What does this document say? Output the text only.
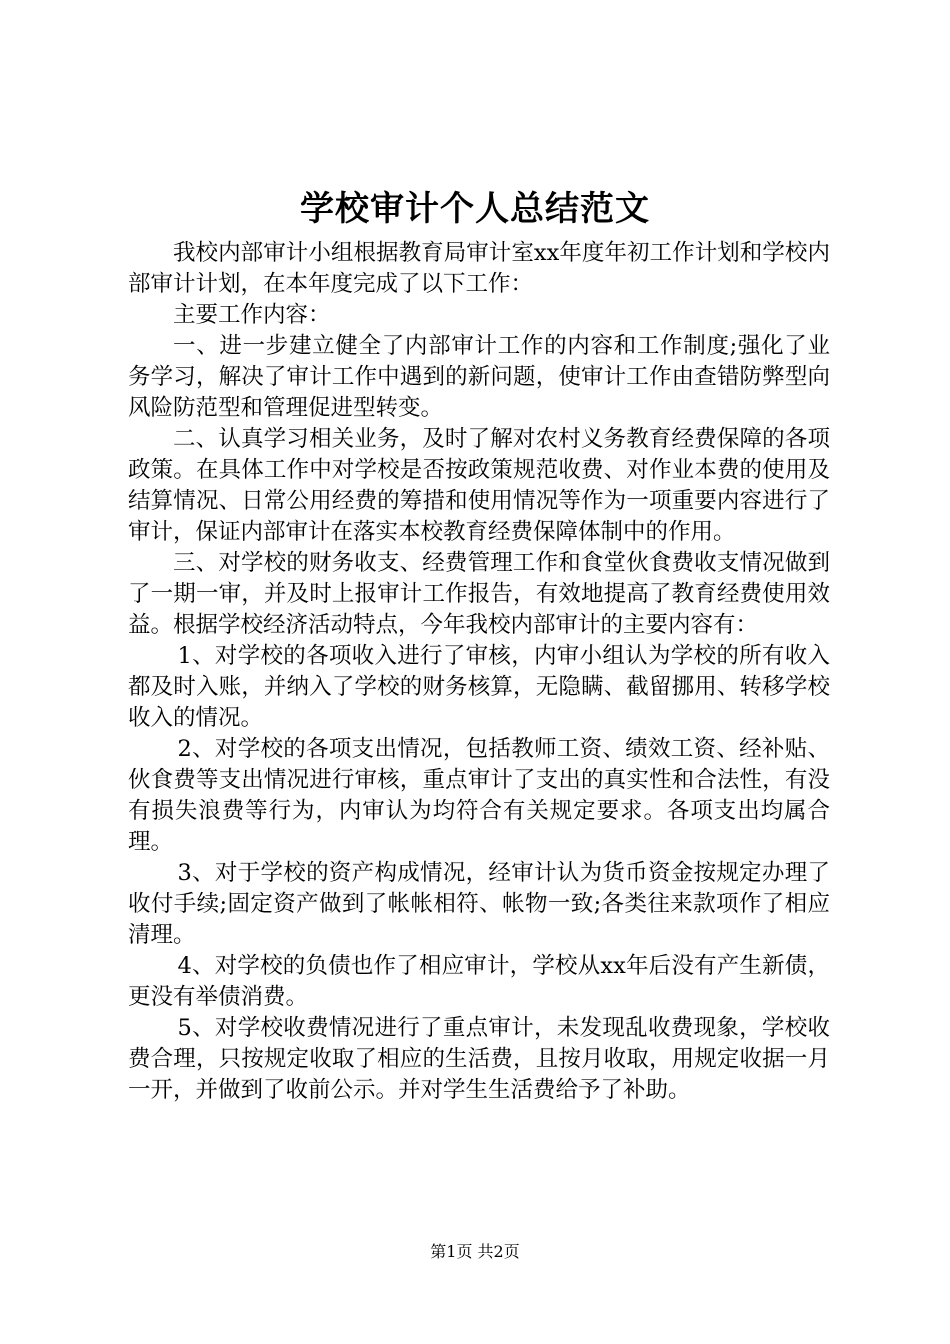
学校审计个人总结范文

我校内部审计小组根据教育局审计室xx年度年初工作计划和学校内部审计计划，在本年度完成了以下工作：

主要工作内容：

一、进一步建立健全了内部审计工作的内容和工作制度;强化了业务学习，解决了审计工作中遇到的新问题，使审计工作由查错防弊型向风险防范型和管理促进型转变。

二、认真学习相关业务，及时了解对农村义务教育经费保障的各项政策。在具体工作中对学校是否按政策规范收费、对作业本费的使用及结算情况、日常公用经费的筹措和使用情况等作为一项重要内容进行了审计，保证内部审计在落实本校教育经费保障体制中的作用。

三、对学校的财务收支、经费管理工作和食堂伙食费收支情况做到了一期一审，并及时上报审计工作报告，有效地提高了教育经费使用效益。根据学校经济活动特点，今年我校内部审计的主要内容有：

1、对学校的各项收入进行了审核，内审小组认为学校的所有收入都及时入账，并纳入了学校的财务核算，无隐瞒、截留挪用、转移学校收入的情况。

2、对学校的各项支出情况，包括教师工资、绩效工资、经补贴、伙食费等支出情况进行审核，重点审计了支出的真实性和合法性，有没有损失浪费等行为，内审认为均符合有关规定要求。各项支出均属合理。

3、对于学校的资产构成情况，经审计认为货币资金按规定办理了收付手续;固定资产做到了帐帐相符、帐物一致;各类往来款项作了相应清理。

4、对学校的负债也作了相应审计，学校从xx年后没有产生新债，更没有举债消费。

5、对学校收费情况进行了重点审计，未发现乱收费现象，学校收费合理，只按规定收取了相应的生活费，且按月收取，用规定收据一月一开，并做到了收前公示。并对学生生活费给予了补助。

第1页 共2页
